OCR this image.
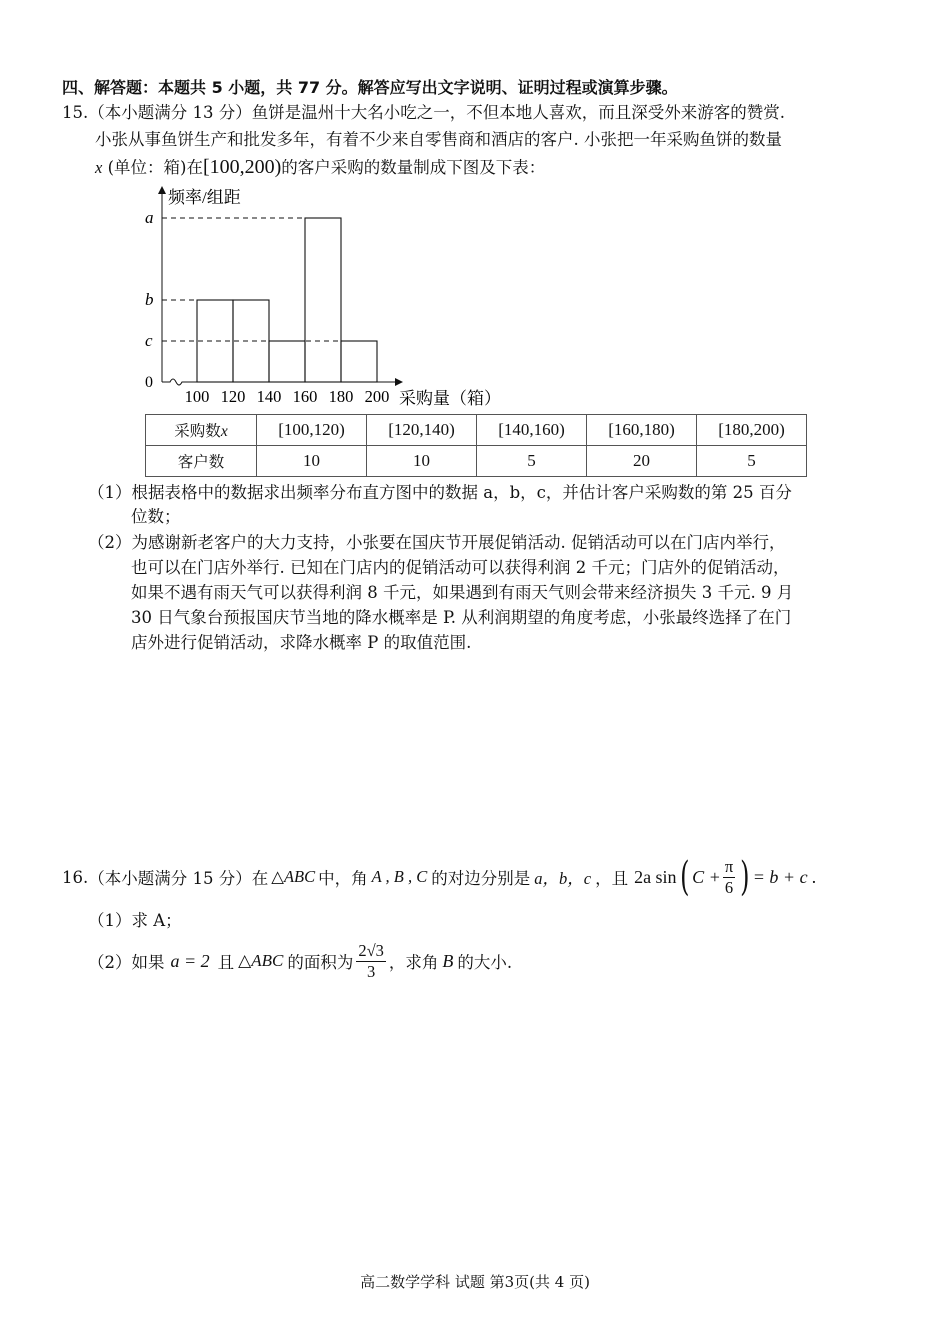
四、解答题：本题共 5 小题，共 77 分。解答应写出文字说明、证明过程或演算步骤。
15.（本小题满分 13 分）鱼饼是温州十大名小吃之一，不但本地人喜欢，而且深受外来游客的赞赏.
小张从事鱼饼生产和批发多年，有着不少来自零售商和酒店的客户. 小张把一年采购鱼饼的数量
x (单位：箱)在[100,200)的客户采购的数量制成下图及下表：
频率/组距
a
b
c
0
100 120 140 160 180 200 采购量（箱）
采购数x	[100,120)	[120,140)	[140,160)	[160,180)	[180,200)
客户数	10	10	5	20	5
（1）根据表格中的数据求出频率分布直方图中的数据 a，b，c，并估计客户采购数的第 25 百分
位数；
（2）为感谢新老客户的大力支持，小张要在国庆节开展促销活动. 促销活动可以在门店内举行，
也可以在门店外举行. 已知在门店内的促销活动可以获得利润 2 千元；门店外的促销活动，
如果不遇有雨天气可以获得利润 8 千元，如果遇到有雨天气则会带来经济损失 3 千元. 9 月
30 日气象台预报国庆节当地的降水概率是 P. 从利润期望的角度考虑，小张最终选择了在门
店外进行促销活动，求降水概率 P 的取值范围.
16. （本小题满分 15 分） 在 △ABC 中，角 A , B , C 的对边分别是 a，b，c ，且 2a sin ( $C + \frac{\pi}{6}$ ) = b + c .
（1）求 A；
（2） 如果 a = 2 且 △ABC 的面积为 $\frac{2√3}{3}$ ，求角 B 的大小.
高二数学学科 试题 第3页(共 4 页)
